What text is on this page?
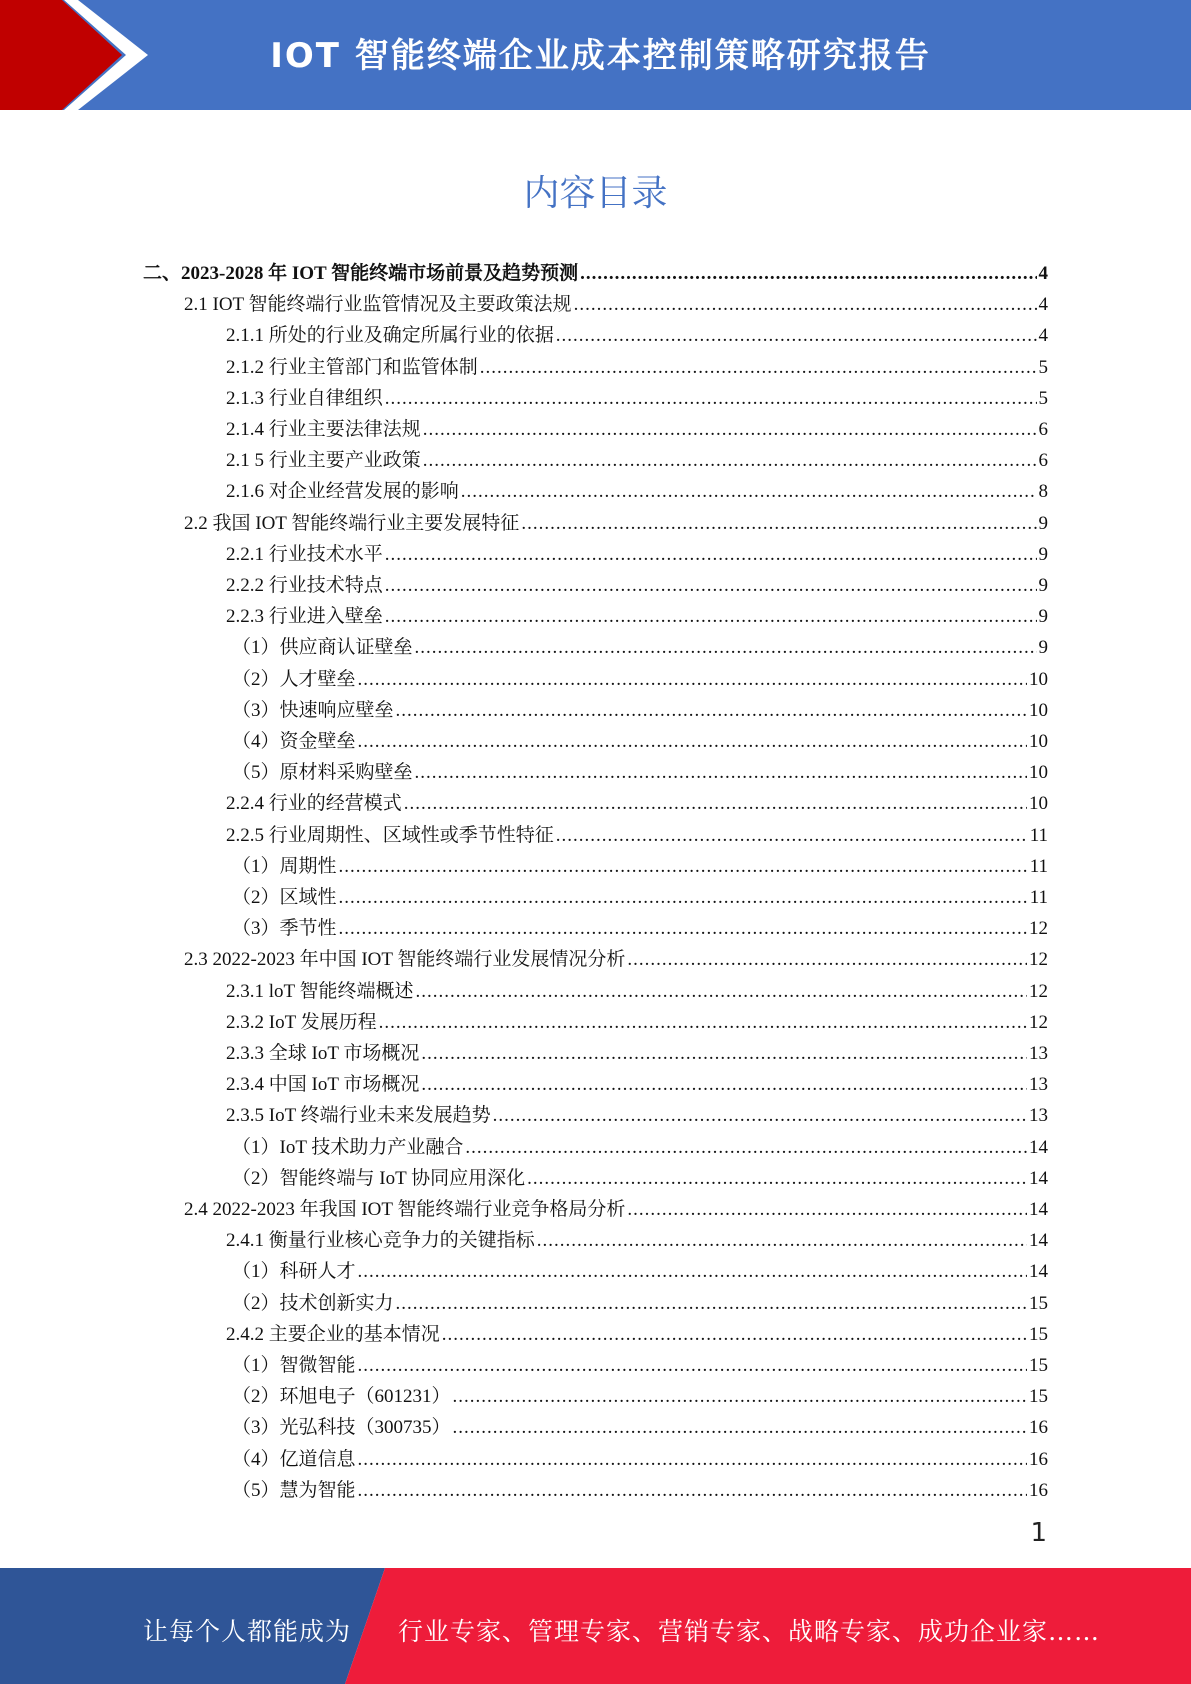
IOT 智能终端企业成本控制策略研究报告
内容目录
二、2023-2028 年 IOT 智能终端市场前景及趋势预测 .....	4
2.1 IOT 智能终端行业监管情况及主要政策法规 .....	4
2.1.1 所处的行业及确定所属行业的依据 .....	4
2.1.2 行业主管部门和监管体制 .....	5
2.1.3 行业自律组织 .....	5
2.1.4 行业主要法律法规 .....	6
2.1 5 行业主要产业政策 .....	6
2.1.6 对企业经营发展的影响 .....	8
2.2 我国 IOT 智能终端行业主要发展特征 .....	9
2.2.1 行业技术水平 .....	9
2.2.2 行业技术特点 .....	9
2.2.3 行业进入壁垒 .....	9
（1）供应商认证壁垒 .....	9
（2）人才壁垒 .....	10
（3）快速响应壁垒 .....	10
（4）资金壁垒 .....	10
（5）原材料采购壁垒 .....	10
2.2.4 行业的经营模式 .....	10
2.2.5 行业周期性、区域性或季节性特征 .....	11
（1）周期性 .....	11
（2）区域性 .....	11
（3）季节性 .....	12
2.3 2022-2023 年中国 IOT 智能终端行业发展情况分析 .....	12
2.3.1 loT 智能终端概述 .....	12
2.3.2 IoT 发展历程 .....	12
2.3.3 全球 IoT 市场概况 .....	13
2.3.4 中国 IoT 市场概况 .....	13
2.3.5 IoT 终端行业未来发展趋势 .....	13
（1）IoT 技术助力产业融合 .....	14
（2）智能终端与 IoT 协同应用深化 .....	14
2.4 2022-2023 年我国 IOT 智能终端行业竞争格局分析 .....	14
2.4.1 衡量行业核心竞争力的关键指标 .....	14
（1）科研人才 .....	14
（2）技术创新实力 .....	15
2.4.2 主要企业的基本情况 .....	15
（1）智微智能 .....	15
（2）环旭电子（601231） .....	15
（3）光弘科技（300735） .....	16
（4）亿道信息 .....	16
（5）慧为智能 .....	16
1
让每个人都能成为 行业专家、管理专家、营销专家、战略专家、成功企业家……
